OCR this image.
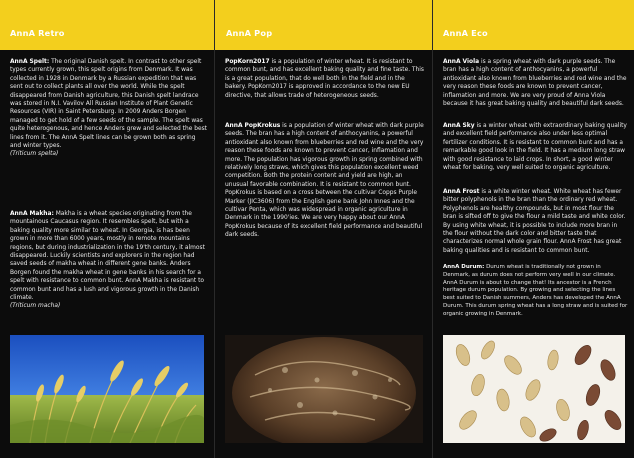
AnnA Retro
AnnA Spelt: The original Danish spelt. In contrast to other spelt types currently grown, this spelt origins from Denmark. It was collected in 1928 in Denmark by a Russian expedition that was sent out to collect plants all over the world. While the spelt disappeared from Danish agriculture, this Danish spelt landrace was stored in N.I. Vavilov All Russian Institute of Plant Genetic Resources (VIR) in Saint Petersburg. In 2009 Anders Borgen managed to get hold of a few seeds of the sample. The spelt was quite heterogenous, and hence Anders grew and selected the best lines from it. The AnnA Spelt lines can be grown both as spring and winter types.
(Triticum spelta)
AnnA Makha: Makha is a wheat species originating from the mountainous Caucasus region. It resembles spelt, but with a baking quality more similar to wheat. In Georgia, is has been grown in more than 6000 years, mostly in remote mountains regions, but during industrialization in the 19'th century, it almost disappeared. Luckily scientists and explorers in the region had saved seeds of makha wheat in different gene banks. Anders Borgen found the makha wheat in gene banks in his search for a spelt with resistance to common bunt. AnnA Makha is resistant to common bunt and has a lush and vigorous growth in the Danish climate.
(Triticum macha)
AnnA Pop
PopKorn2017 is a population of winter wheat. It is resistant to common bunt, and has excellent baking quality and fine taste. This is a great population, that do well both in the field and in the bakery. PopKorn2017 is approved in accordance to the new EU directive, that allows trade of heterogeneous seeds.
AnnA PopKrokus is a population of winter wheat with dark purple seeds. The bran has a high content of anthocyanins, a powerful antioxidant also known from blueberries and red wine and the very reason these foods are known to prevent cancer, inflamation and more. The population has vigorous growth in spring combined with relatively long straws, which gives this population excellent weed competition. Both the protein content and yield are high, an unusual favorable combination. It is resistant to common bunt. PopKrokus is based on a cross between the cultivar Copps Purple Marker (JIC3606) from the English gene bank John Innes and the cultivar Penta, which was widespread in organic agriculture in Denmark in the 1990'ies. We are very happy about our AnnA PopKrokus because of its excellent field performance and beautiful dark seeds.
AnnA Eco
AnnA Viola is a spring wheat with dark purple seeds. The bran has a high content of anthocyanins, a powerful antioxidant also known from blueberries and red wine and the very reason these foods are known to prevent cancer, inflamation and more. We are very proud of Anna Viola because it has great baking quality and beautiful dark seeds.
AnnA Sky is a winter wheat with extraordinary baking quality and excellent field performance also under less optimal fertilizer conditions. It is resistant to common bunt and has a remarkable good look in the field. It has a medium long straw with good resistance to laid crops. In short, a good winter wheat for baking, very well suited to organic agriculture.
AnnA Frost is a white winter wheat. White wheat has fewer bitter polyphenols in the bran than the ordinary red wheat. Polyphenols are healthy compounds, but in most flour the bran is sifted off to give the flour a mild taste and white color. By using white wheat, it is possible to include more bran in the flour without the dark color and bitter taste that characterizes normal whole grain flour. AnnA Frost has great baking qualities and is resistant to common bunt.
AnnA Durum: Durum wheat is traditionally not grown in Denmark, as durum does not perform very well in our climate. AnnA Durum is about to change that! Its ancestor is a French heritage durum population. By growing and selecting the lines best suited to Danish summers, Anders has developed the AnnA Durum. This durum spring wheat has a long straw and is suited for organic growing in Denmark.
